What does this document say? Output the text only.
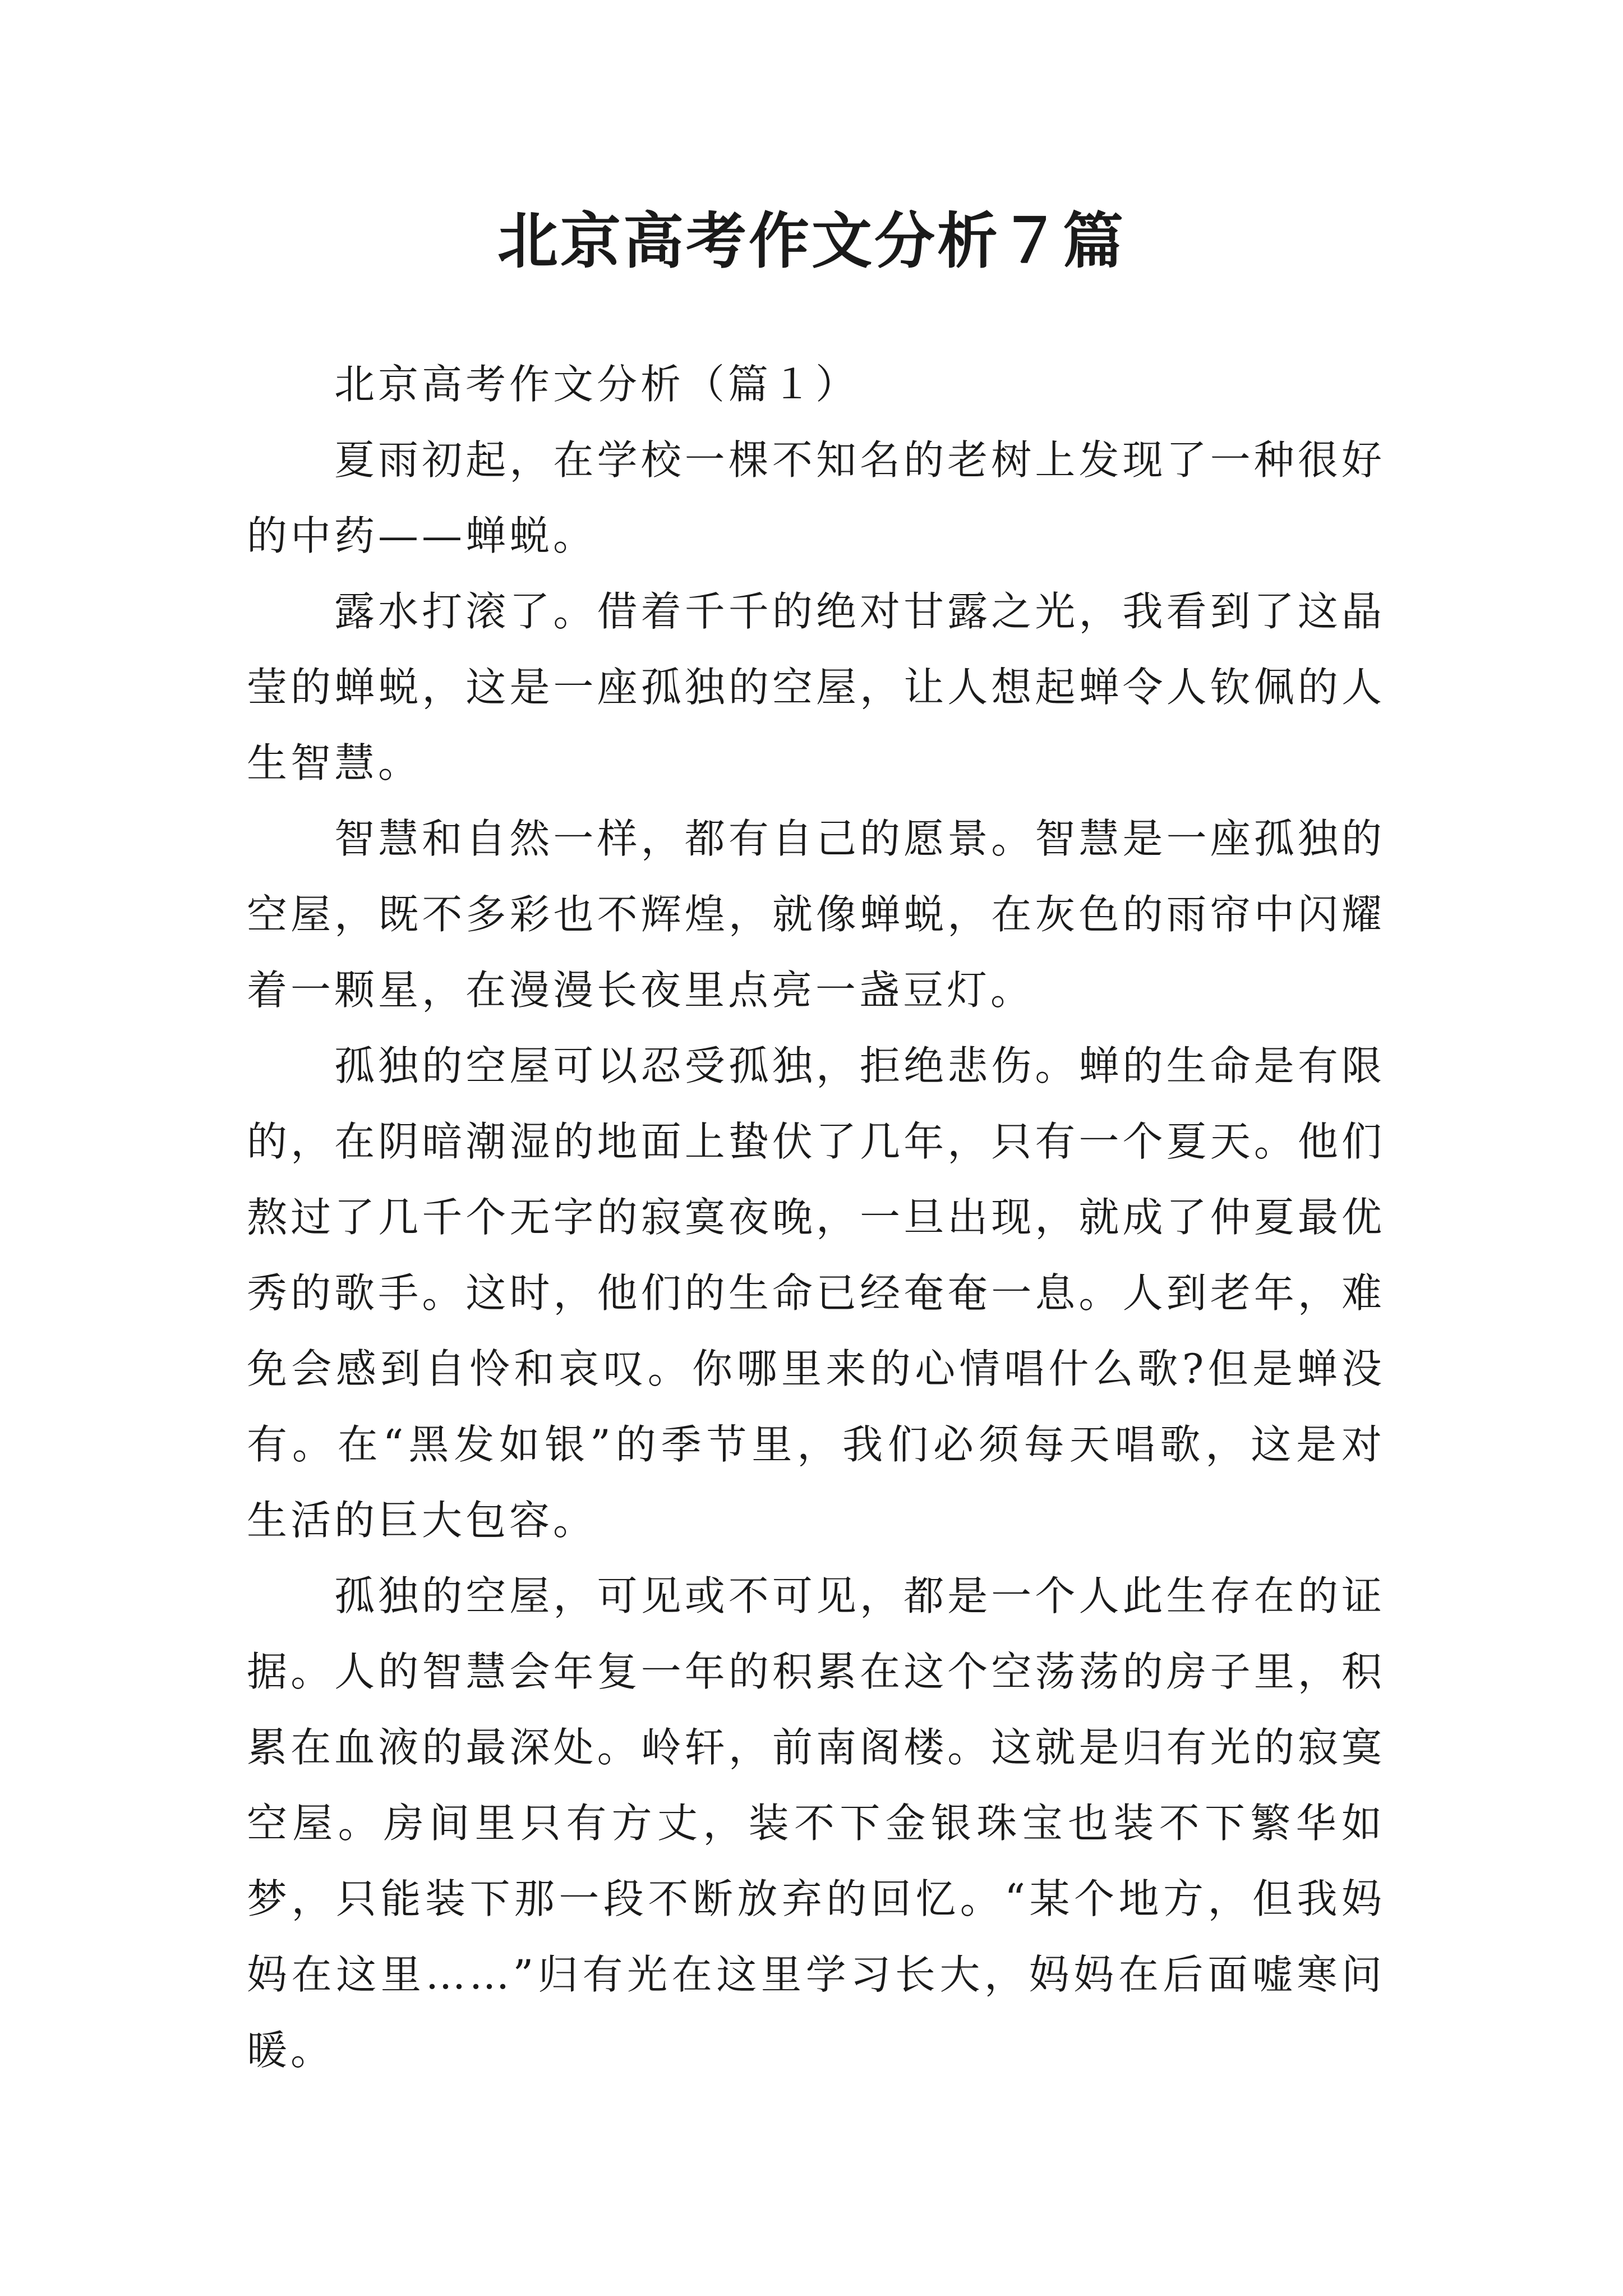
北京高考作文分析７篇

北京高考作文分析（篇１）

夏雨初起，在学校一棵不知名的老树上发现了一种很好的中药——蝉蜕。

露水打滚了。借着千千的绝对甘露之光，我看到了这晶莹的蝉蜕，这是一座孤独的空屋，让人想起蝉令人钦佩的人生智慧。

智慧和自然一样，都有自己的愿景。智慧是一座孤独的空屋，既不多彩也不辉煌，就像蝉蜕，在灰色的雨帘中闪耀着一颗星，在漫漫长夜里点亮一盏豆灯。

孤独的空屋可以忍受孤独，拒绝悲伤。蝉的生命是有限的，在阴暗潮湿的地面上蛰伏了几年，只有一个夏天。他们熬过了几千个无字的寂寞夜晚，一旦出现，就成了仲夏最优秀的歌手。这时，他们的生命已经奄奄一息。人到老年，难免会感到自怜和哀叹。你哪里来的心情唱什么歌?但是蝉没有。在“黑发如银”的季节里，我们必须每天唱歌，这是对生活的巨大包容。

孤独的空屋，可见或不可见，都是一个人此生存在的证据。人的智慧会年复一年的积累在这个空荡荡的房子里，积累在血液的最深处。岭轩，前南阁楼。这就是归有光的寂寞空屋。房间里只有方丈，装不下金银珠宝也装不下繁华如梦，只能装下那一段不断放弃的回忆。“某个地方，但我妈妈在这里……”归有光在这里学习长大，妈妈在后面嘘寒问暖。
